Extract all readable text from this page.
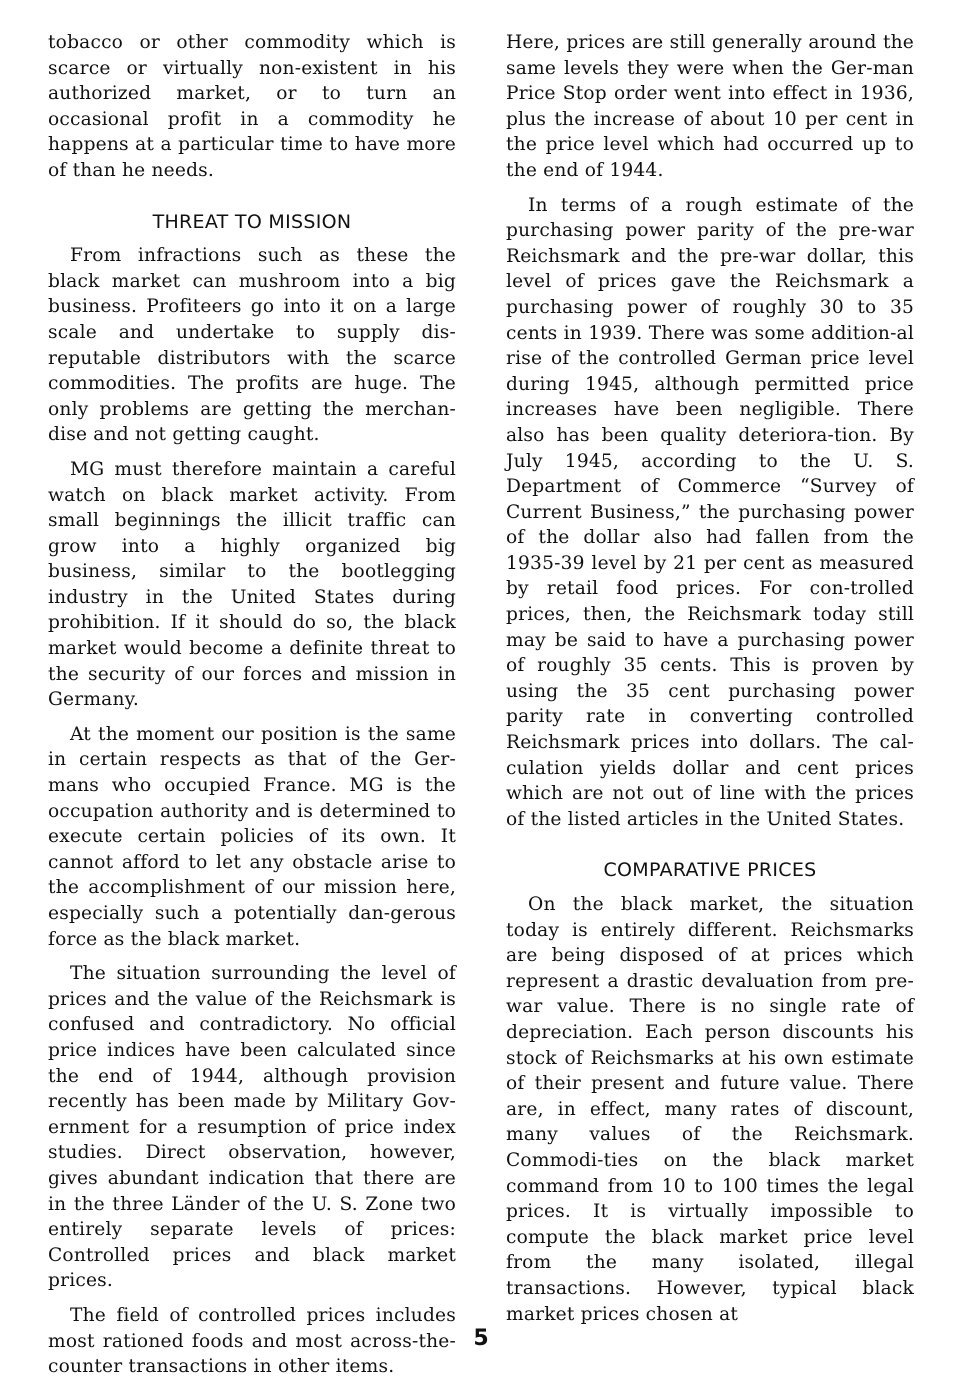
tobacco or other commodity which is scarce or virtually non-existent in his authorized market, or to turn an occasional profit in a commodity he happens at a particular time to have more of than he needs.

THREAT TO MISSION

From infractions such as these the black market can mushroom into a big business. Profiteers go into it on a large scale and undertake to supply dis-reputable distributors with the scarce commodities. The profits are huge. The only problems are getting the merchan-dise and not getting caught.

MG must therefore maintain a careful watch on black market activity. From small beginnings the illicit traffic can grow into a highly organized big business, similar to the bootlegging industry in the United States during prohibition. If it should do so, the black market would become a definite threat to the security of our forces and mission in Germany.

At the moment our position is the same in certain respects as that of the Ger-mans who occupied France. MG is the occupation authority and is determined to execute certain policies of its own. It cannot afford to let any obstacle arise to the accomplishment of our mission here, especially such a potentially dan-gerous force as the black market.

The situation surrounding the level of prices and the value of the Reichsmark is confused and contradictory. No official price indices have been calculated since the end of 1944, although provision recently has been made by Military Gov-ernment for a resumption of price index studies. Direct observation, however, gives abundant indication that there are in the three Länder of the U. S. Zone two entirely separate levels of prices: Controlled prices and black market prices.

The field of controlled prices includes most rationed foods and most across-the-counter transactions in other items.

Here, prices are still generally around the same levels they were when the Ger-man Price Stop order went into effect in 1936, plus the increase of about 10 per cent in the price level which had occurred up to the end of 1944.

In terms of a rough estimate of the purchasing power parity of the pre-war Reichsmark and the pre-war dollar, this level of prices gave the Reichsmark a purchasing power of roughly 30 to 35 cents in 1939. There was some addition-al rise of the controlled German price level during 1945, although permitted price increases have been negligible. There also has been quality deteriora-tion. By July 1945, according to the U. S. Department of Commerce “Survey of Current Business,” the purchasing power of the dollar also had fallen from the 1935-39 level by 21 per cent as measured by retail food prices. For con-trolled prices, then, the Reichsmark today still may be said to have a purchasing power of roughly 35 cents. This is proven by using the 35 cent purchasing power parity rate in converting controlled Reichsmark prices into dollars. The cal-culation yields dollar and cent prices which are not out of line with the prices of the listed articles in the United States.

COMPARATIVE PRICES

On the black market, the situation today is entirely different. Reichsmarks are being disposed of at prices which represent a drastic devaluation from pre-war value. There is no single rate of depreciation. Each person discounts his stock of Reichsmarks at his own estimate of their present and future value. There are, in effect, many rates of discount, many values of the Reichsmark. Commodi-ties on the black market command from 10 to 100 times the legal prices. It is virtually impossible to compute the black market price level from the many isolated, illegal transactions. However, typical black market prices chosen at

5
